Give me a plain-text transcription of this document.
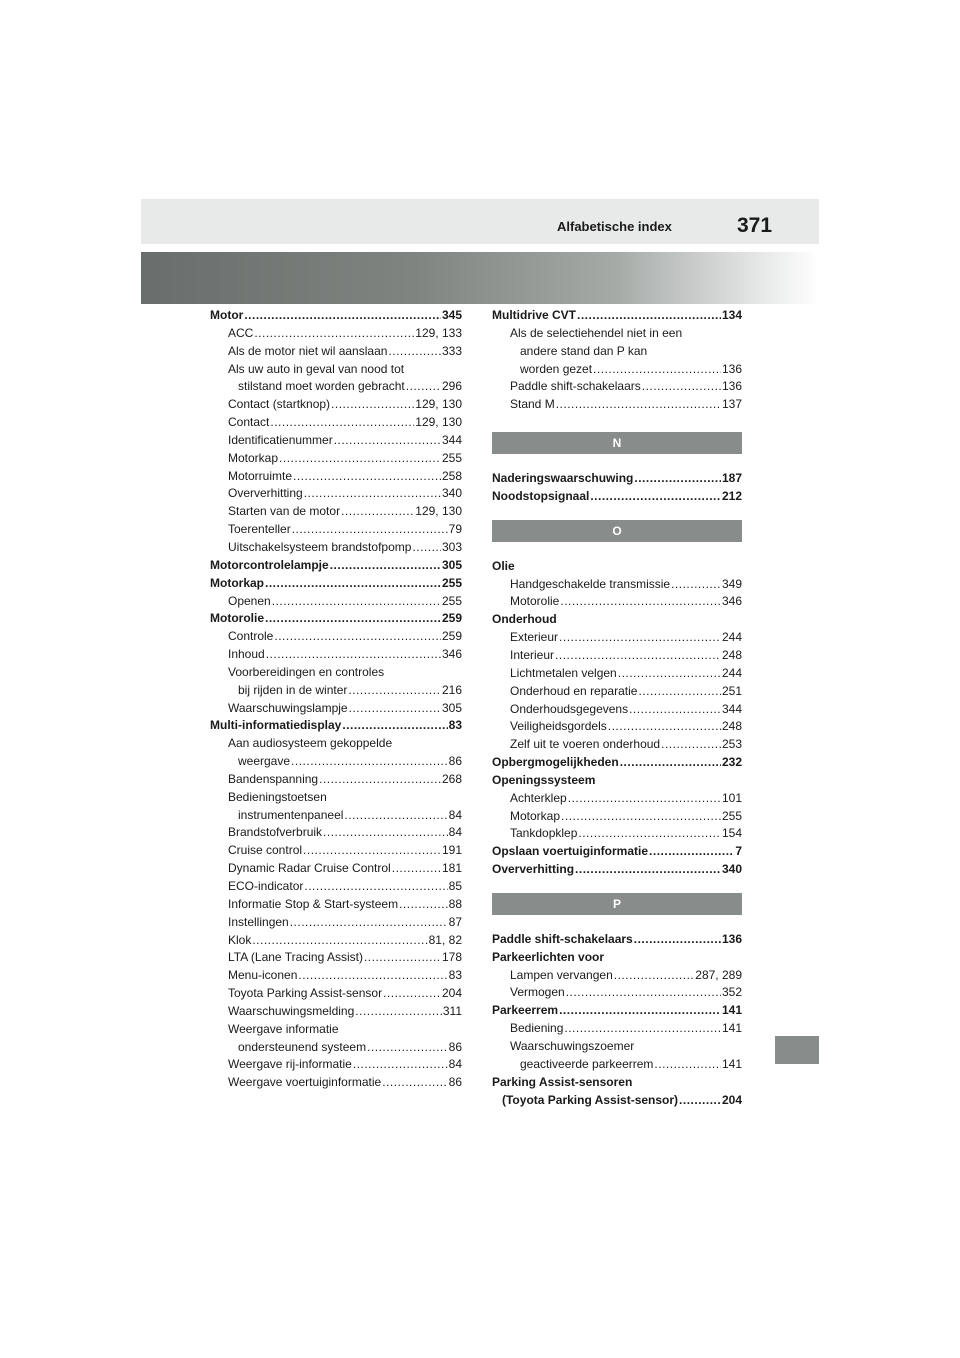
Alfabetische index	371
Motor .....	345
ACC .....	129, 133
Als de motor niet wil aanslaan .....	333
Als uw auto in geval van nood tot
stilstand moet worden gebracht .....	296
Contact (startknop) .....	129, 130
Contact .....	129, 130
Identificatienummer .....	344
Motorkap .....	255
Motorruimte .....	258
Oververhitting .....	340
Starten van de motor .....	129, 130
Toerenteller .....	79
Uitschakelsysteem brandstofpomp .....	303
Motorcontrolelampje .....	305
Motorkap .....	255
Openen .....	255
Motorolie .....	259
Controle .....	259
Inhoud .....	346
Voorbereidingen en controles
bij rijden in de winter .....	216
Waarschuwingslampje .....	305
Multi-informatiedisplay .....	83
Aan audiosysteem gekoppelde
weergave .....	86
Bandenspanning .....	268
Bedieningstoetsen
instrumentenpaneel .....	84
Brandstofverbruik .....	84
Cruise control .....	191
Dynamic Radar Cruise Control .....	181
ECO-indicator .....	85
Informatie Stop & Start-systeem .....	88
Instellingen .....	87
Klok .....	81, 82
LTA (Lane Tracing Assist) .....	178
Menu-iconen .....	83
Toyota Parking Assist-sensor .....	204
Waarschuwingsmelding .....	311
Weergave informatie
ondersteunend systeem .....	86
Weergave rij-informatie .....	84
Weergave voertuiginformatie .....	86
Multidrive CVT .....	134
Als de selectiehendel niet in een
andere stand dan P kan
worden gezet .....	136
Paddle shift-schakelaars .....	136
Stand M .....	137
N
Naderingswaarschuwing .....	187
Noodstopsignaal .....	212
O
Olie
Handgeschakelde transmissie .....	349
Motorolie .....	346
Onderhoud
Exterieur .....	244
Interieur .....	248
Lichtmetalen velgen .....	244
Onderhoud en reparatie .....	251
Onderhoudsgegevens .....	344
Veiligheidsgordels .....	248
Zelf uit te voeren onderhoud .....	253
Opbergmogelijkheden .....	232
Openingssysteem
Achterklep .....	101
Motorkap .....	255
Tankdopklep .....	154
Opslaan voertuiginformatie .....	7
Oververhitting .....	340
P
Paddle shift-schakelaars .....	136
Parkeerlichten voor
Lampen vervangen .....	287, 289
Vermogen .....	352
Parkeerrem .....	141
Bediening .....	141
Waarschuwingszoemer
geactiveerde parkeerrem .....	141
Parking Assist-sensoren
(Toyota Parking Assist-sensor) .....	204
